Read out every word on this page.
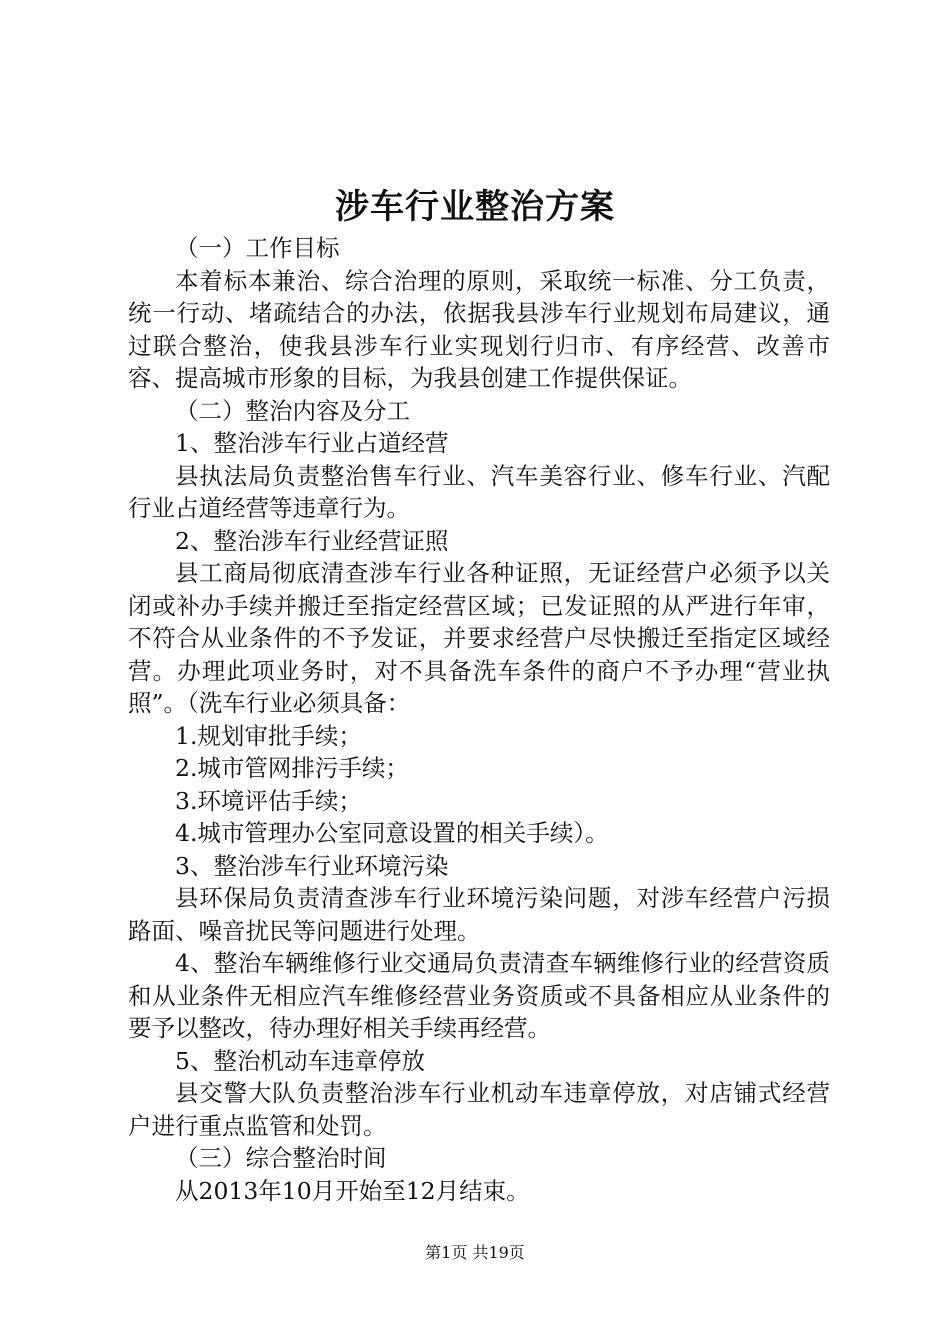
涉车行业整治方案

（一）工作目标

本着标本兼治、综合治理的原则，采取统一标准、分工负责，统一行动、堵疏结合的办法，依据我县涉车行业规划布局建议，通过联合整治，使我县涉车行业实现划行归市、有序经营、改善市容、提高城市形象的目标，为我县创建工作提供保证。

（二）整治内容及分工

1、整治涉车行业占道经营

县执法局负责整治售车行业、汽车美容行业、修车行业、汽配行业占道经营等违章行为。

2、整治涉车行业经营证照

县工商局彻底清查涉车行业各种证照，无证经营户必须予以关闭或补办手续并搬迁至指定经营区域；已发证照的从严进行年审，不符合从业条件的不予发证，并要求经营户尽快搬迁至指定区域经营。办理此项业务时，对不具备洗车条件的商户不予办理“营业执照”。（洗车行业必须具备：

1.规划审批手续；

2.城市管网排污手续；

3.环境评估手续；

4.城市管理办公室同意设置的相关手续）。

3、整治涉车行业环境污染

县环保局负责清查涉车行业环境污染问题，对涉车经营户污损路面、噪音扰民等问题进行处理。

4、整治车辆维修行业交通局负责清查车辆维修行业的经营资质和从业条件无相应汽车维修经营业务资质或不具备相应从业条件的要予以整改，待办理好相关手续再经营。

5、整治机动车违章停放

县交警大队负责整治涉车行业机动车违章停放，对店铺式经营户进行重点监管和处罚。

（三）综合整治时间

从2013年10月开始至12月结束。

第1页 共19页
